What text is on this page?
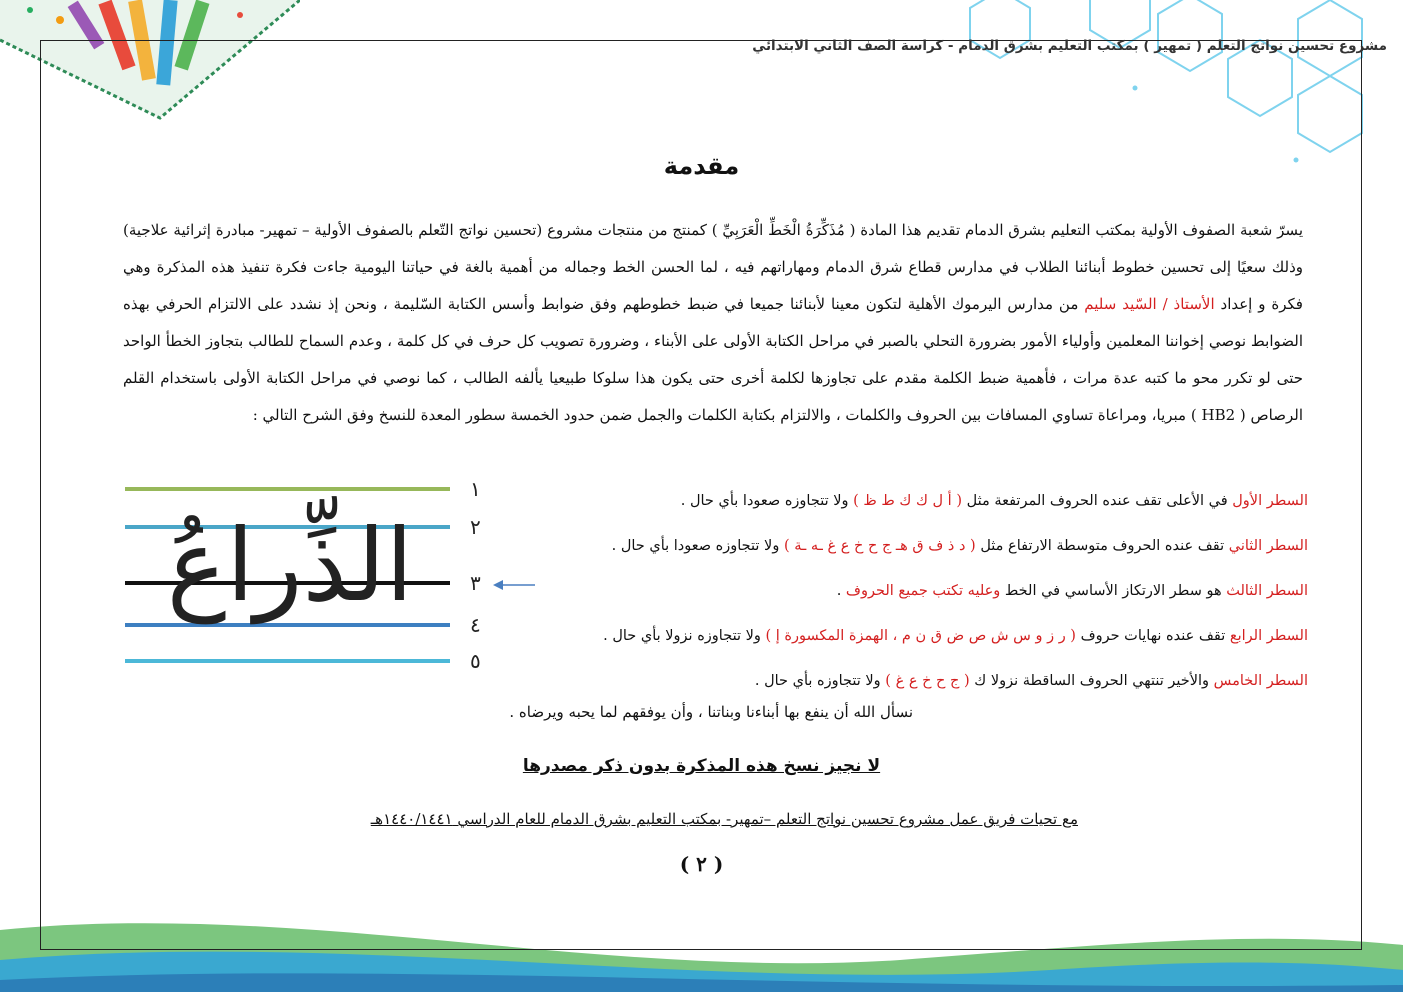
مشروع تحسين نواتج التعلم ( تمهير ) بمكتب التعليم بشرق الدمام - كراسة الصف الثاني الابتدائي
مقدمة
يسرّ شعبة الصفوف الأولية بمكتب التعليم بشرق الدمام تقديم هذا المادة ( مُذَكِّرَةُ الْخَطِّ الْعَرَبِيِّ ) كمنتج من منتجات مشروع (تحسين نواتج التّعلم بالصفوف الأولية – تمهير- مبادرة إثرائية علاجية) وذلك سعيًا إلى تحسين خطوط أبنائنا الطلاب في مدارس قطاع شرق الدمام ومهاراتهم فيه ، لما الحسن الخط وجماله من أهمية بالغة في حياتنا اليومية جاءت فكرة تنفيذ هذه المذكرة وهي فكرة و إعداد الأستاذ / السّيد سليم من مدارس اليرموك الأهلية لتكون معينا لأبنائنا جميعا في ضبط خطوطهم وفق ضوابط وأسس الكتابة السّليمة ، ونحن إذ نشدد على الالتزام الحرفي بهذه الضوابط نوصي إخواننا المعلمين وأولياء الأمور بضرورة التحلي بالصبر في مراحل الكتابة الأولى على الأبناء ، وضرورة تصويب كل حرف في كل كلمة ، وعدم السماح للطالب بتجاوز الخطأ الواحد حتى لو تكرر محو ما كتبه عدة مرات ، فأهمية ضبط الكلمة مقدم على تجاوزها لكلمة أخرى حتى يكون هذا سلوكا طبيعيا يألفه الطالب ، كما نوصي في مراحل الكتابة الأولى باستخدام القلم الرصاص ( HB2 ) مبريا، ومراعاة تساوي المسافات بين الحروف والكلمات ، والالتزام بكتابة الكلمات والجمل ضمن حدود الخمسة سطور المعدة للنسخ وفق الشرح التالي :
الذِّراعُ
١
٢
٣
٤
٥
السطر الأول في الأعلى تقف عنده الحروف المرتفعة مثل ( أ ل ك ك ط ظ ) ولا تتجاوزه صعودا بأي حال .
السطر الثاني تقف عنده الحروف متوسطة الارتفاع مثل ( د ذ ف ق هـ ج ح خ ع غ ـه ـة ) ولا تتجاوزه صعودا بأي حال .
السطر الثالث هو سطر الارتكاز الأساسي في الخط وعليه تكتب جميع الحروف .
السطر الرابع تقف عنده نهايات حروف ( ر ز و س ش ص ض ق ن م ، الهمزة المكسورة إ ) ولا تتجاوزه نزولا بأي حال .
السطر الخامس والأخير تنتهي الحروف الساقطة نزولا ك ( ج ح خ ع غ ) ولا تتجاوزه بأي حال .
نسأل الله أن ينفع بها أبناءنا وبناتنا ، وأن يوفقهم لما يحبه ويرضاه .
لا نجيز نسخ هذه المذكرة بدون ذكر مصدرها
مع تحيات فريق عمل مشروع تحسين نواتج التعلم –تمهير- بمكتب التعليم بشرق الدمام للعام الدراسي ١٤٤٠/١٤٤١هـ
( ٢ )
